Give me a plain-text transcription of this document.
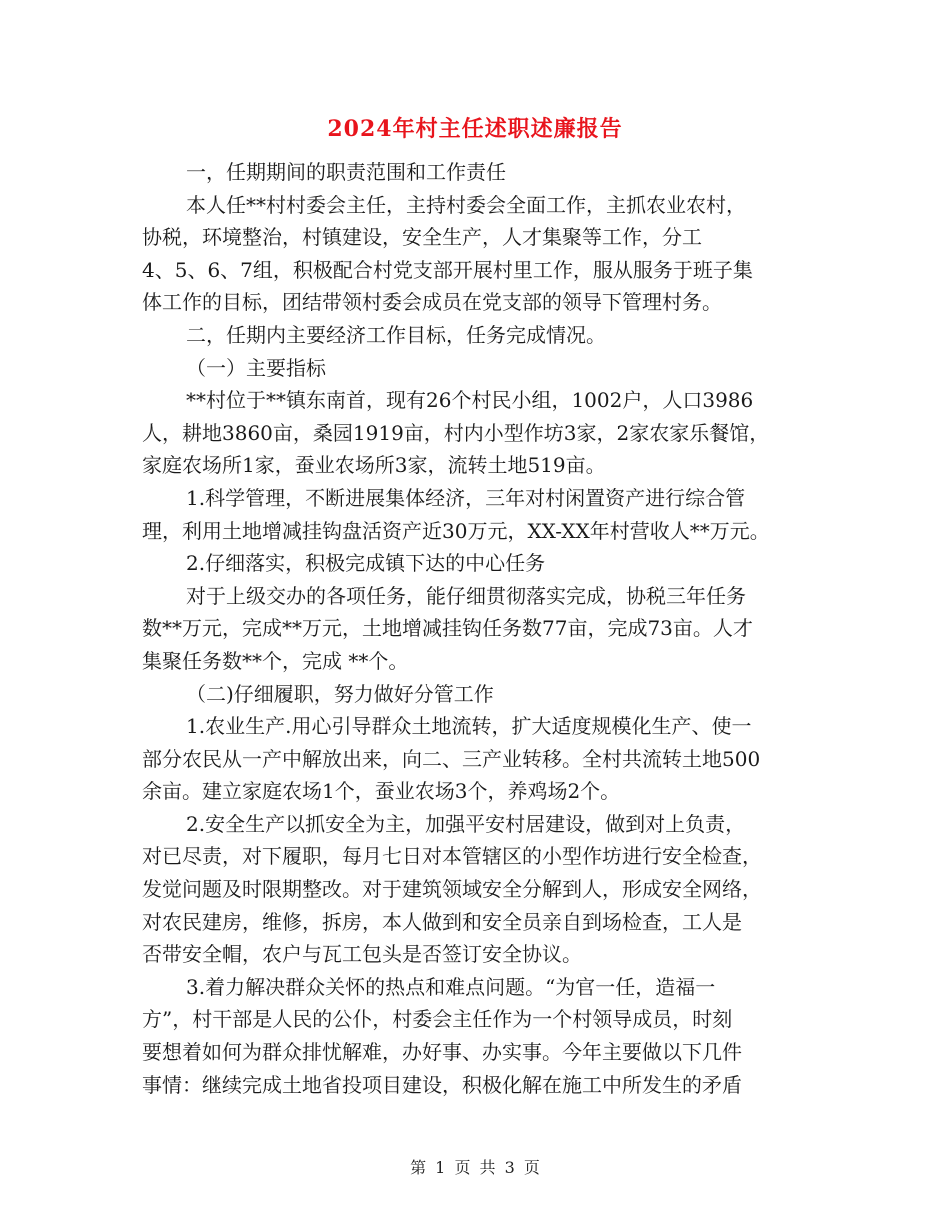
2024年村主任述职述廉报告
一，任期期间的职责范围和工作责任
本人任**村村委会主任，主持村委会全面工作，主抓农业农村，
协税，环境整治，村镇建设，安全生产，人才集聚等工作，分工
4、5、6、7组，积极配合村党支部开展村里工作，服从服务于班子集
体工作的目标，团结带领村委会成员在党支部的领导下管理村务。
二，任期内主要经济工作目标，任务完成情况。
（一）主要指标
**村位于**镇东南首，现有26个村民小组，1002户，人口3986
人，耕地3860亩，桑园1919亩，村内小型作坊3家，2家农家乐餐馆，
家庭农场所1家，蚕业农场所3家，流转土地519亩。
1.科学管理，不断进展集体经济，三年对村闲置资产进行综合管
理，利用土地增减挂钩盘活资产近30万元，XX-XX年村营收人**万元。
2.仔细落实，积极完成镇下达的中心任务
对于上级交办的各项任务，能仔细贯彻落实完成，协税三年任务
数**万元，完成**万元，土地增减挂钩任务数77亩，完成73亩。人才
集聚任务数**个，完成 **个。
（二)仔细履职，努力做好分管工作
1.农业生产.用心引导群众土地流转，扩大适度规模化生产、使一
部分农民从一产中解放出来，向二、三产业转移。全村共流转土地500
余亩。建立家庭农场1个，蚕业农场3个，养鸡场2个。
2.安全生产以抓安全为主，加强平安村居建设，做到对上负责，
对已尽责，对下履职，每月七日对本管辖区的小型作坊进行安全检查，
发觉问题及时限期整改。对于建筑领域安全分解到人，形成安全网络，
对农民建房，维修，拆房，本人做到和安全员亲自到场检查，工人是
否带安全帽，农户与瓦工包头是否签订安全协议。
3.着力解决群众关怀的热点和难点问题。“为官一任，造福一
方”，村干部是人民的公仆，村委会主任作为一个村领导成员，时刻
要想着如何为群众排忧解难，办好事、办实事。今年主要做以下几件
事情：继续完成土地省投项目建设，积极化解在施工中所发生的矛盾
第 1 页 共 3 页
